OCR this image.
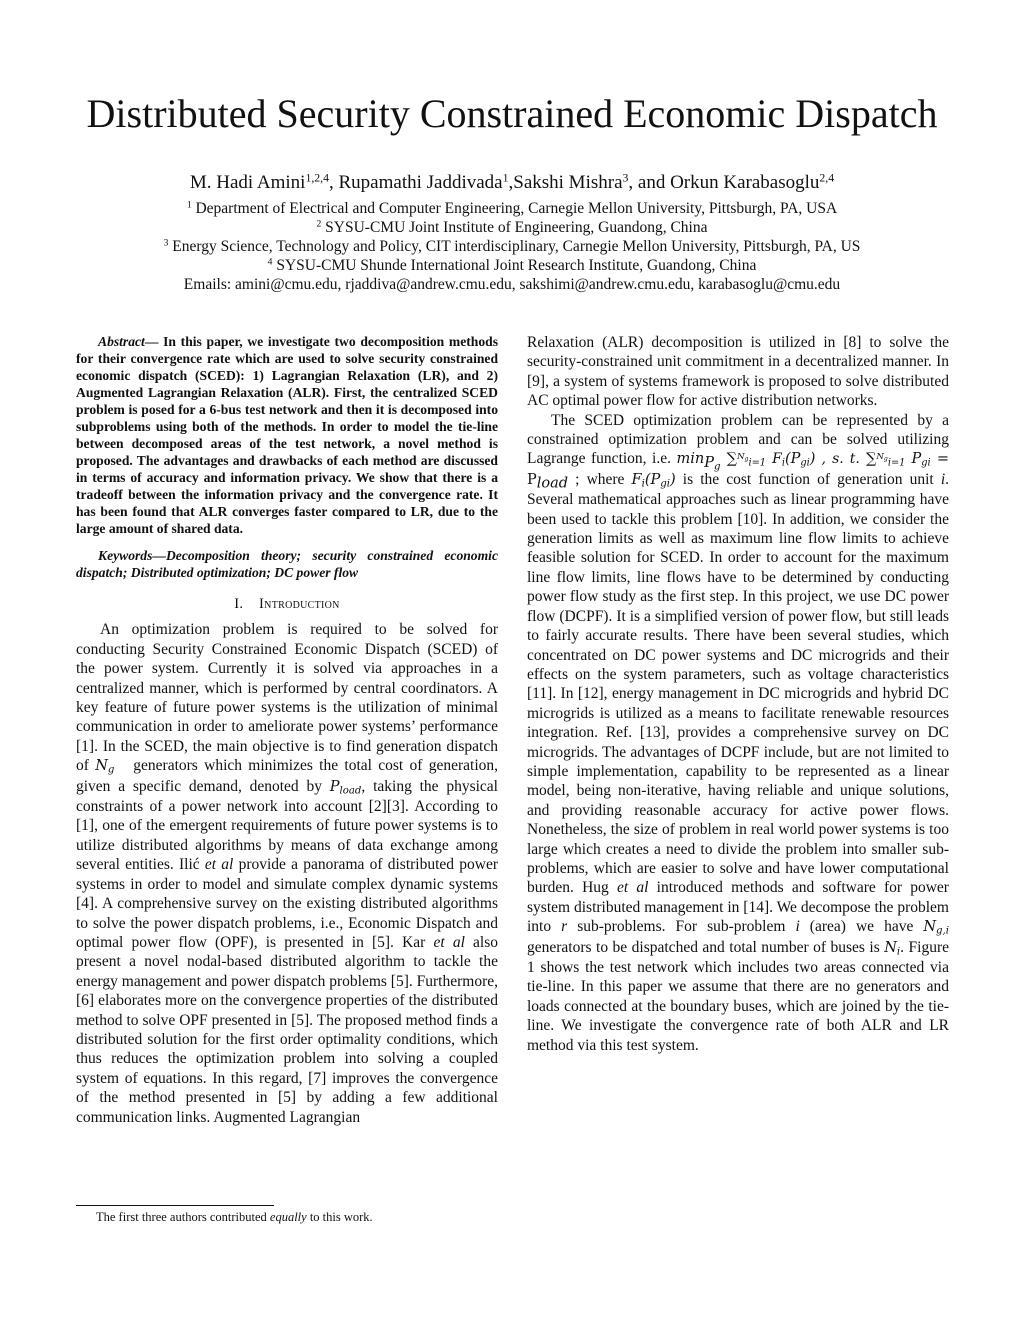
Distributed Security Constrained Economic Dispatch
M. Hadi Amini$^{1,2,4}$, Rupamathi Jaddivada$^1$,Sakshi Mishra$^3$, and Orkun Karabasoglu$^{2,4}$

$^1$ Department of Electrical and Computer Engineering, Carnegie Mellon University, Pittsburgh, PA, USA

$^2$ SYSU-CMU Joint Institute of Engineering, Guandong, China

$^3$ Energy Science, Technology and Policy, CIT interdisciplinary, Carnegie Mellon University, Pittsburgh, PA, US

$^4$ SYSU-CMU Shunde International Joint Research Institute, Guandong, China

Emails: amini@cmu.edu, rjaddiva@andrew.cmu.edu, sakshimi@andrew.cmu.edu, karabasoglu@cmu.edu

Abstract— In this paper, we investigate two decomposition methods for their convergence rate which are used to solve security constrained economic dispatch (SCED): 1) Lagrangian Relaxation (LR), and 2) Augmented Lagrangian Relaxation (ALR). First, the centralized SCED problem is posed for a 6-bus test network and then it is decomposed into subproblems using both of the methods. In order to model the tie-line between decomposed areas of the test network, a novel method is proposed. The advantages and drawbacks of each method are discussed in terms of accuracy and information privacy. We show that there is a tradeoff between the information privacy and the convergence rate. It has been found that ALR converges faster compared to LR, due to the large amount of shared data.

Keywords—Decomposition theory; security constrained economic dispatch; Distributed optimization; DC power flow

I. Introduction

An optimization problem is required to be solved for conducting Security Constrained Economic Dispatch (SCED) of the power system. Currently it is solved via approaches in a centralized manner, which is performed by central coordinators. A key feature of future power systems is the utilization of minimal communication in order to ameliorate power systems’ performance [1]. In the SCED, the main objective is to find generation dispatch of $N_g$   generators which minimizes the total cost of generation, given a specific demand, denoted by $P_{load}$, taking the physical constraints of a power network into account [2][3]. According to [1], one of the emergent requirements of future power systems is to utilize distributed algorithms by means of data exchange among several entities. Ilić et al provide a panorama of distributed power systems in order to model and simulate complex dynamic systems [4]. A comprehensive survey on the existing distributed algorithms to solve the power dispatch problems, i.e., Economic Dispatch and optimal power flow (OPF), is presented in [5]. Kar et al also present a novel nodal-based distributed algorithm to tackle the energy management and power dispatch problems [5]. Furthermore, [6] elaborates more on the convergence properties of the distributed method to solve OPF presented in [5]. The proposed method finds a distributed solution for the first order optimality conditions, which thus reduces the optimization problem into solving a coupled system of equations. In this regard, [7] improves the convergence of the method presented in [5] by adding a few additional communication links. Augmented Lagrangian

Relaxation (ALR) decomposition is utilized in [8] to solve the security-constrained unit commitment in a decentralized manner. In [9], a system of systems framework is proposed to solve distributed AC optimal power flow for active distribution networks.

The SCED optimization problem can be represented by a constrained optimization problem and can be solved utilizing Lagrange function, i.e. $\min_{P_g} \sum^{N_g}_{i=1}$ $F_i(P_{gi})$ , s. t. ∑$^{N_g}_{i=1}$ $P_{gi} = P_{load}$ ; where $F_i(P_{gi})$ is the cost function of generation unit i. Several mathematical approaches such as linear programming have been used to tackle this problem [10]. In addition, we consider the generation limits as well as maximum line flow limits to achieve feasible solution for SCED. In order to account for the maximum line flow limits, line flows have to be determined by conducting power flow study as the first step. In this project, we use DC power flow (DCPF). It is a simplified version of power flow, but still leads to fairly accurate results. There have been several studies, which concentrated on DC power systems and DC microgrids and their effects on the system parameters, such as voltage characteristics [11]. In [12], energy management in DC microgrids and hybrid DC microgrids is utilized as a means to facilitate renewable resources integration. Ref. [13], provides a comprehensive survey on DC microgrids. The advantages of DCPF include, but are not limited to simple implementation, capability to be represented as a linear model, being non-iterative, having reliable and unique solutions, and providing reasonable accuracy for active power flows. Nonetheless, the size of problem in real world power systems is too large which creates a need to divide the problem into smaller sub-problems, which are easier to solve and have lower computational burden. Hug et al introduced methods and software for power system distributed management in [14]. We decompose the problem into r sub-problems. For sub-problem i (area) we have $N_{g,i}$ generators to be dispatched and total number of buses is $N_i$. Figure 1 shows the test network which includes two areas connected via tie-line. In this paper we assume that there are no generators and loads connected at the boundary buses, which are joined by the tie-line. We investigate the convergence rate of both ALR and LR method via this test system.

The first three authors contributed equally to this work.
